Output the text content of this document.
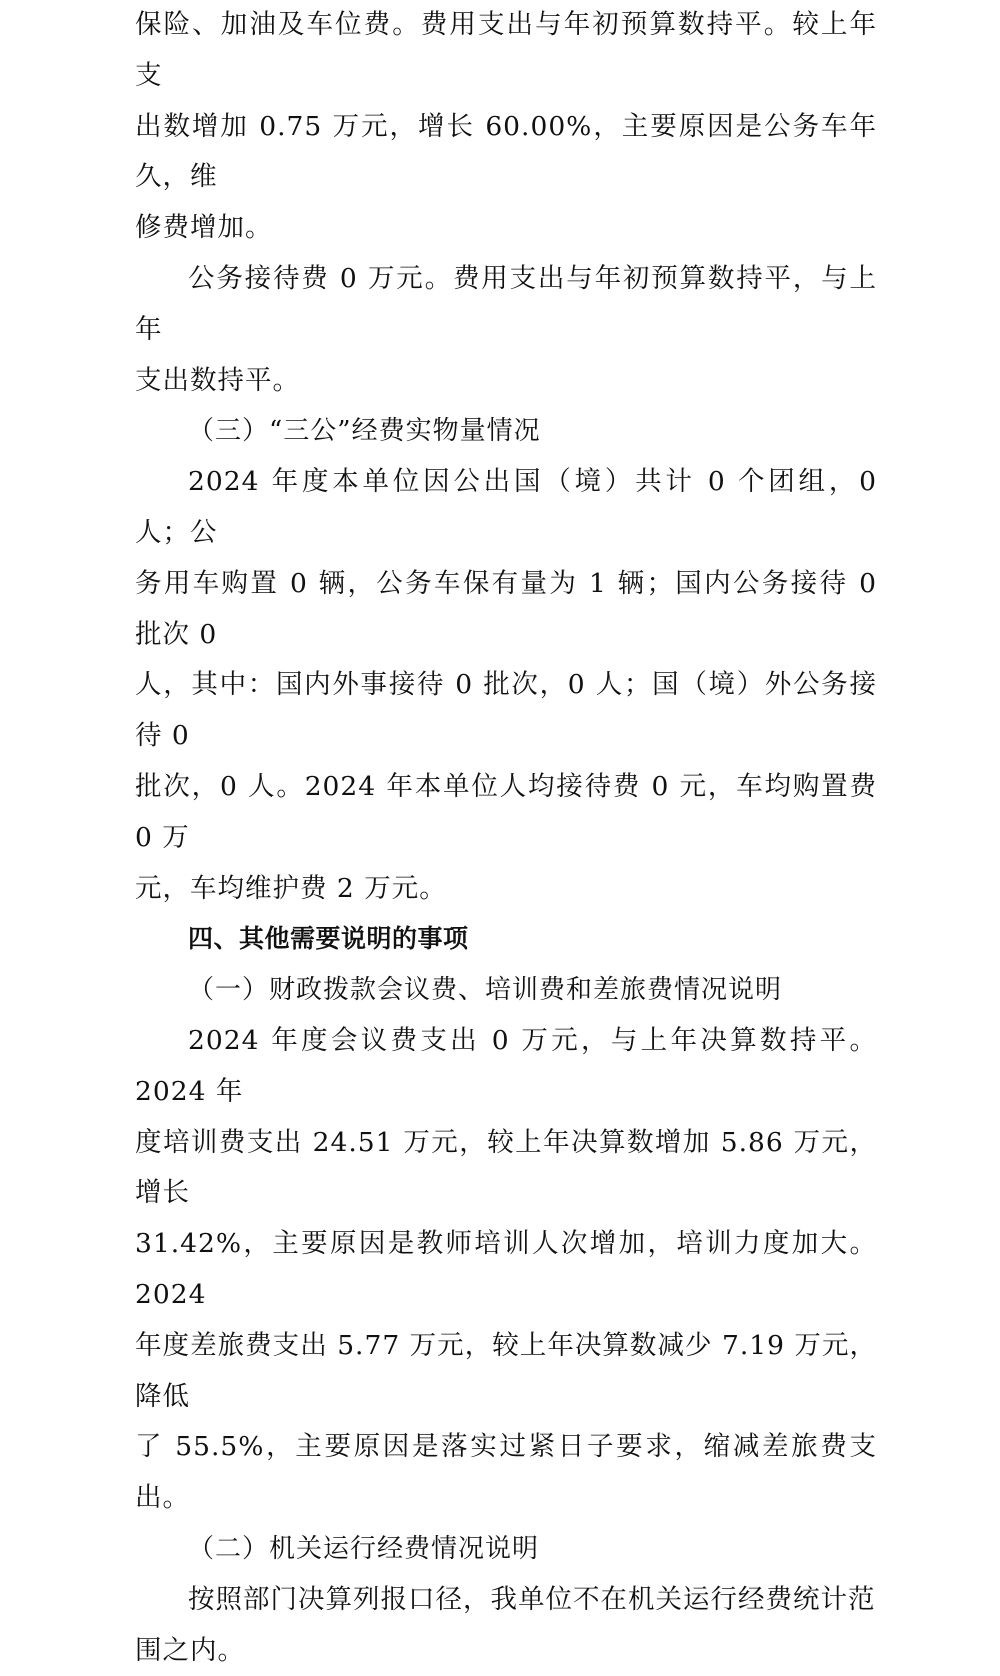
保险、加油及车位费。费用支出与年初预算数持平。较上年支
出数增加 0.75 万元，增长 60.00%，主要原因是公务车年久，维
修费增加。
公务接待费 0 万元。费用支出与年初预算数持平，与上年
支出数持平。
（三）“三公”经费实物量情况
2024 年度本单位因公出国（境）共计 0 个团组，0 人；公
务用车购置 0 辆，公务车保有量为 1 辆；国内公务接待 0 批次 0
人，其中：国内外事接待 0 批次，0 人；国（境）外公务接待 0
批次，0 人。2024 年本单位人均接待费 0 元，车均购置费 0 万
元，车均维护费 2 万元。
四、其他需要说明的事项
（一）财政拨款会议费、培训费和差旅费情况说明
2024 年度会议费支出 0 万元，与上年决算数持平。2024 年
度培训费支出 24.51 万元，较上年决算数增加 5.86 万元，增长
31.42%，主要原因是教师培训人次增加，培训力度加大。2024
年度差旅费支出 5.77 万元，较上年决算数减少 7.19 万元，降低
了 55.5%，主要原因是落实过紧日子要求，缩减差旅费支出。
（二）机关运行经费情况说明
按照部门决算列报口径，我单位不在机关运行经费统计范
围之内。
